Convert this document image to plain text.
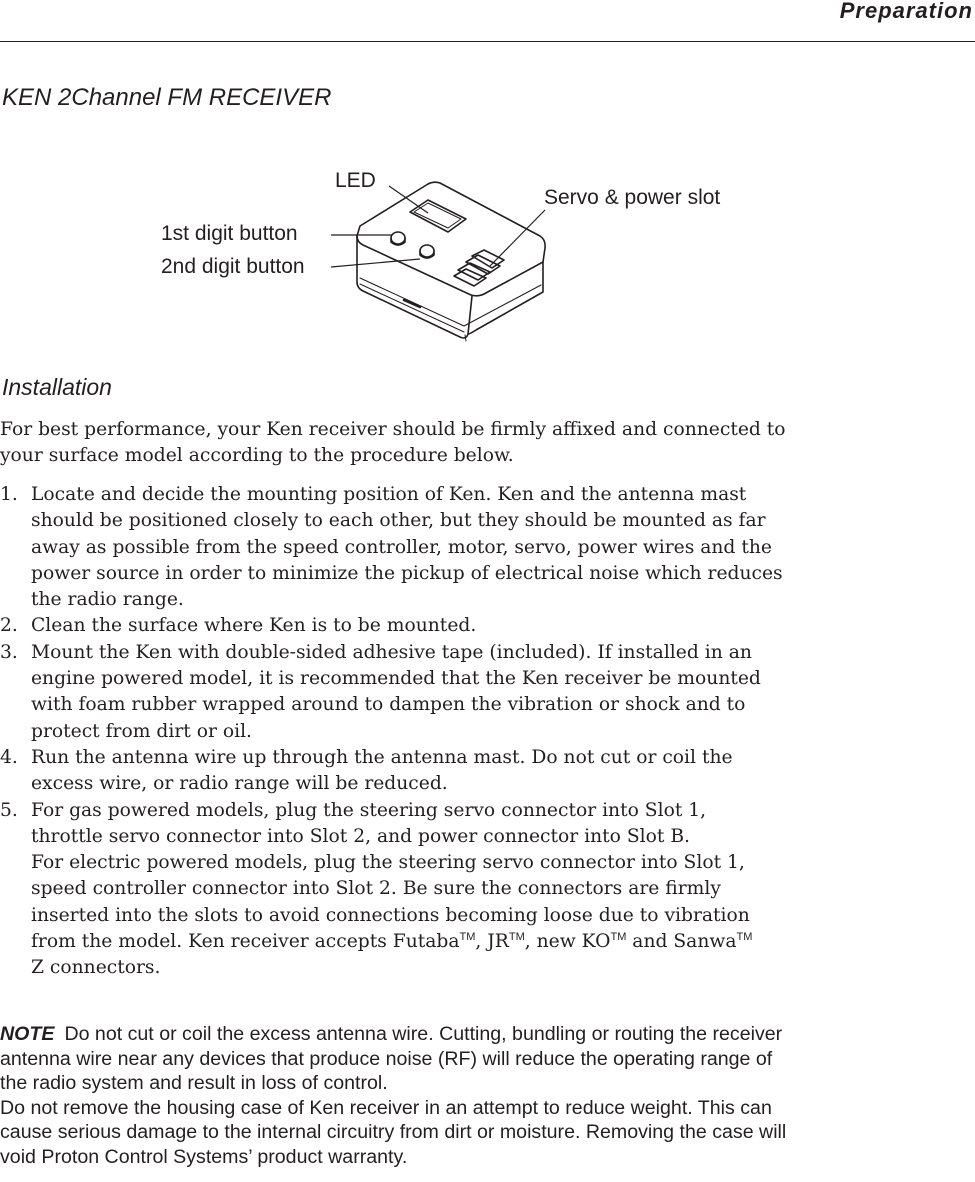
Preparation
KEN 2Channel FM RECEIVER
LED
Servo & power slot
1st digit button
2nd digit button
Installation
For best performance, your Ken receiver should be firmly affixed and connected to
your surface model according to the procedure below.
1. Locate and decide the mounting position of Ken. Ken and the antenna mast
should be positioned closely to each other, but they should be mounted as far
away as possible from the speed controller, motor, servo, power wires and the
power source in order to minimize the pickup of electrical noise which reduces
the radio range.
2. Clean the surface where Ken is to be mounted.
3. Mount the Ken with double-sided adhesive tape (included). If installed in an
engine powered model, it is recommended that the Ken receiver be mounted
with foam rubber wrapped around to dampen the vibration or shock and to
protect from dirt or oil.
4. Run the antenna wire up through the antenna mast. Do not cut or coil the
excess wire, or radio range will be reduced.
5. For gas powered models, plug the steering servo connector into Slot 1,
throttle servo connector into Slot 2, and power connector into Slot B.
For electric powered models, plug the steering servo connector into Slot 1,
speed controller connector into Slot 2. Be sure the connectors are firmly
inserted into the slots to avoid connections becoming loose due to vibration
from the model. Ken receiver accepts Futaba™, JR™, new KO™ and Sanwa™
Z connectors.
NOTE Do not cut or coil the excess antenna wire. Cutting, bundling or routing the receiver
antenna wire near any devices that produce noise (RF) will reduce the operating range of
the radio system and result in loss of control.
Do not remove the housing case of Ken receiver in an attempt to reduce weight. This can
cause serious damage to the internal circuitry from dirt or moisture. Removing the case will
void Proton Control Systems’ product warranty.
